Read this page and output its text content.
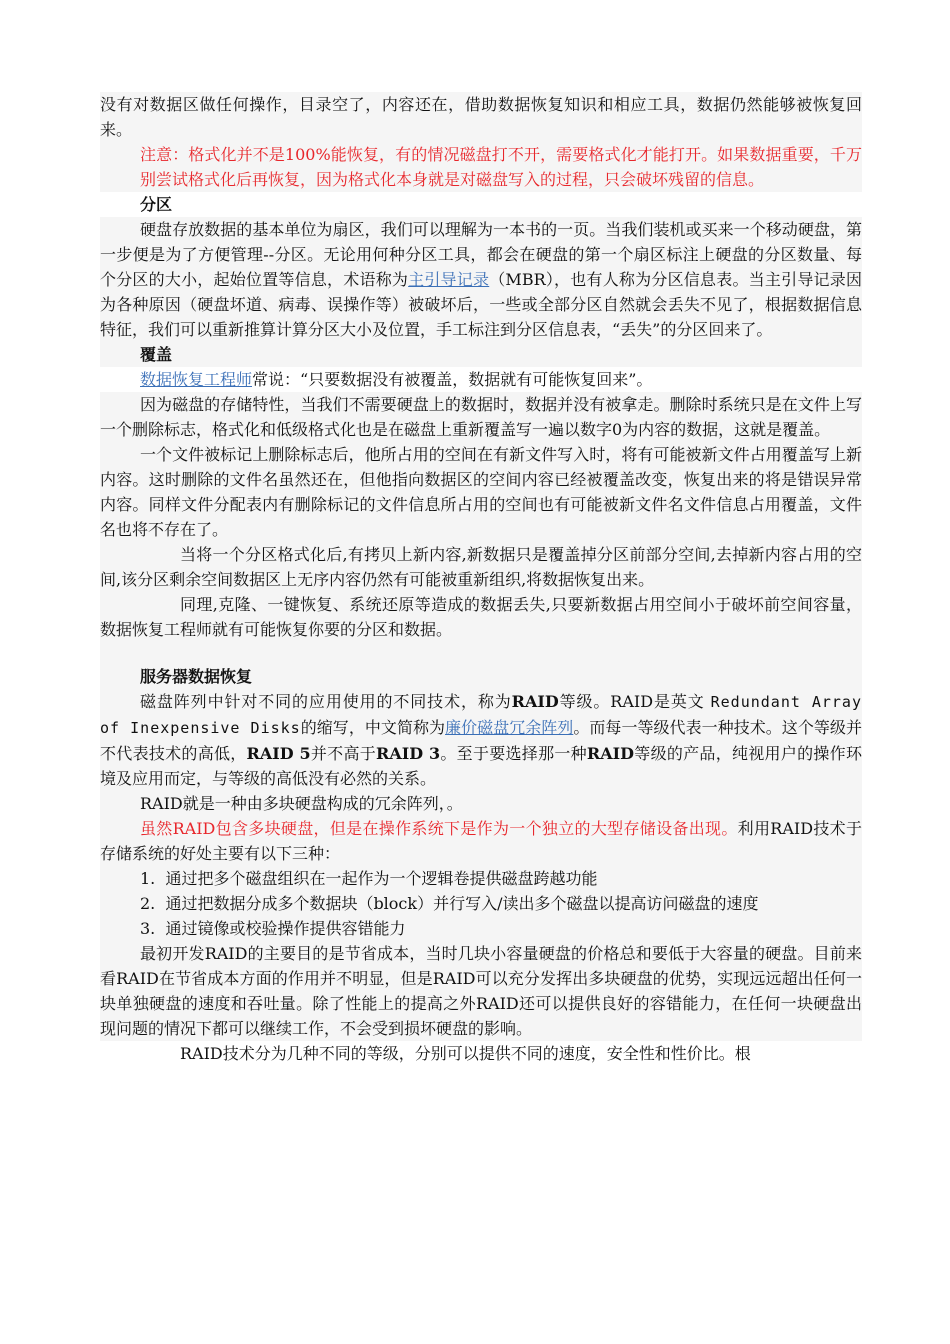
没有对数据区做任何操作，目录空了，内容还在，借助数据恢复知识和相应工具，数据仍然能够被恢复回来。

注意：格式化并不是100%能恢复，有的情况磁盘打不开，需要格式化才能打开。如果数据重要，千万别尝试格式化后再恢复，因为格式化本身就是对磁盘写入的过程，只会破坏残留的信息。

分区

硬盘存放数据的基本单位为扇区，我们可以理解为一本书的一页。当我们装机或买来一个移动硬盘，第一步便是为了方便管理--分区。无论用何种分区工具，都会在硬盘的第一个扇区标注上硬盘的分区数量、每个分区的大小，起始位置等信息，术语称为主引导记录（MBR），也有人称为分区信息表。当主引导记录因为各种原因（硬盘坏道、病毒、误操作等）被破坏后，一些或全部分区自然就会丢失不见了，根据数据信息特征，我们可以重新推算计算分区大小及位置，手工标注到分区信息表，“丢失”的分区回来了。

覆盖

数据恢复工程师常说：“只要数据没有被覆盖，数据就有可能恢复回来”。

因为磁盘的存储特性，当我们不需要硬盘上的数据时，数据并没有被拿走。删除时系统只是在文件上写一个删除标志，格式化和低级格式化也是在磁盘上重新覆盖写一遍以数字0为内容的数据，这就是覆盖。

一个文件被标记上删除标志后，他所占用的空间在有新文件写入时，将有可能被新文件占用覆盖写上新内容。这时删除的文件名虽然还在，但他指向数据区的空间内容已经被覆盖改变，恢复出来的将是错误异常内容。同样文件分配表内有删除标记的文件信息所占用的空间也有可能被新文件名文件信息占用覆盖，文件名也将不存在了。

当将一个分区格式化后,有拷贝上新内容,新数据只是覆盖掉分区前部分空间,去掉新内容占用的空间,该分区剩余空间数据区上无序内容仍然有可能被重新组织,将数据恢复出来。

同理,克隆、一键恢复、系统还原等造成的数据丢失,只要新数据占用空间小于破坏前空间容量，数据恢复工程师就有可能恢复你要的分区和数据。

服务器数据恢复

磁盘阵列中针对不同的应用使用的不同技术，称为RAID等级。RAID是英文 Redundant Array of Inexpensive Disks的缩写，中文简称为廉价磁盘冗余阵列。而每一等级代表一种技术。这个等级并不代表技术的高低，RAID 5并不高于RAID 3。至于要选择那一种RAID等级的产品，纯视用户的操作环境及应用而定，与等级的高低没有必然的关系。

RAID就是一种由多块硬盘构成的冗余阵列，。

虽然RAID包含多块硬盘，但是在操作系统下是作为一个独立的大型存储设备出现。利用RAID技术于存储系统的好处主要有以下三种：

1. 通过把多个磁盘组织在一起作为一个逻辑卷提供磁盘跨越功能

2. 通过把数据分成多个数据块（block）并行写入/读出多个磁盘以提高访问磁盘的速度

3. 通过镜像或校验操作提供容错能力

最初开发RAID的主要目的是节省成本，当时几块小容量硬盘的价格总和要低于大容量的硬盘。目前来看RAID在节省成本方面的作用并不明显，但是RAID可以充分发挥出多块硬盘的优势，实现远远超出任何一块单独硬盘的速度和吞吐量。除了性能上的提高之外RAID还可以提供良好的容错能力，在任何一块硬盘出现问题的情况下都可以继续工作，不会受到损坏硬盘的影响。

RAID技术分为几种不同的等级，分别可以提供不同的速度，安全性和性价比。根
